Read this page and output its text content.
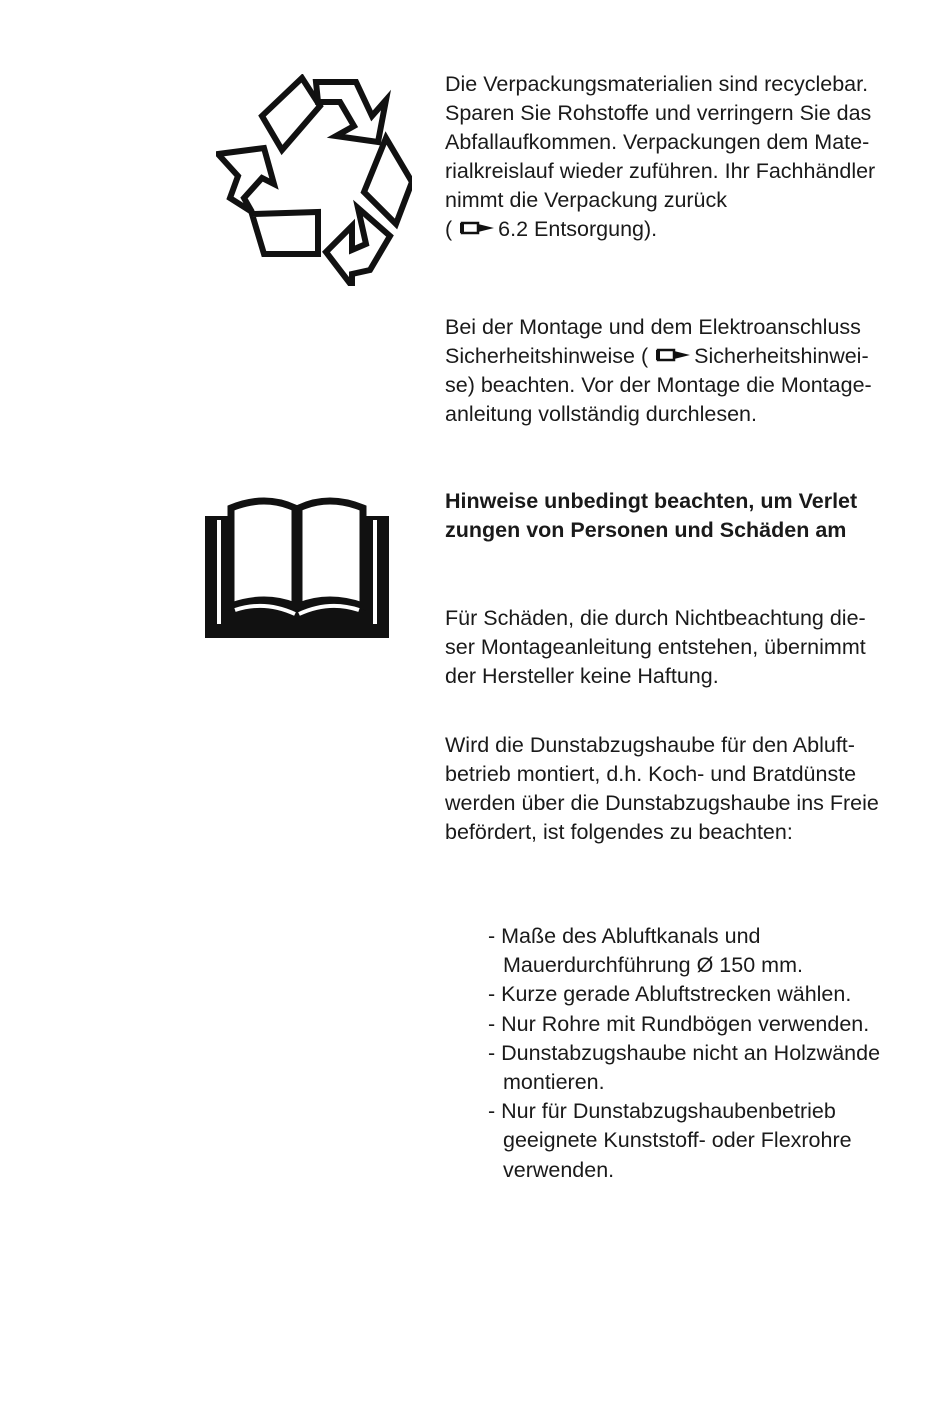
Die Verpackungsmaterialien sind recyclebar.

Sparen Sie Rohstoffe und verringern Sie das

Abfallaufkommen. Verpackungen dem Mate-

rialkreislauf wieder zuführen. Ihr Fachhändler

nimmt die Verpackung zurück

( 6.2 Entsorgung).

Bei der Montage und dem Elektroanschluss

Sicherheitshinweise ( Sicherheitshinwei-

se) beachten. Vor der Montage die Montage-

anleitung vollständig durchlesen.

Hinweise unbedingt beachten, um Verlet

zungen von Personen und Schäden am

Für Schäden, die durch Nichtbeachtung die-

ser Montageanleitung entstehen, übernimmt

der Hersteller keine Haftung.

Wird die Dunstabzugshaube für den Abluft-

betrieb montiert, d.h. Koch- und Bratdünste

werden über die Dunstabzugshaube ins Freie

befördert, ist folgendes zu beachten:

- Maße des Abluftkanals und

Mauerdurchführung Ø 150 mm.

- Kurze gerade Abluftstrecken wählen.

- Nur Rohre mit Rundbögen verwenden.

- Dunstabzugshaube nicht an Holzwände

montieren.

- Nur für Dunstabzugshaubenbetrieb

geeignete Kunststoff- oder Flexrohre

verwenden.
